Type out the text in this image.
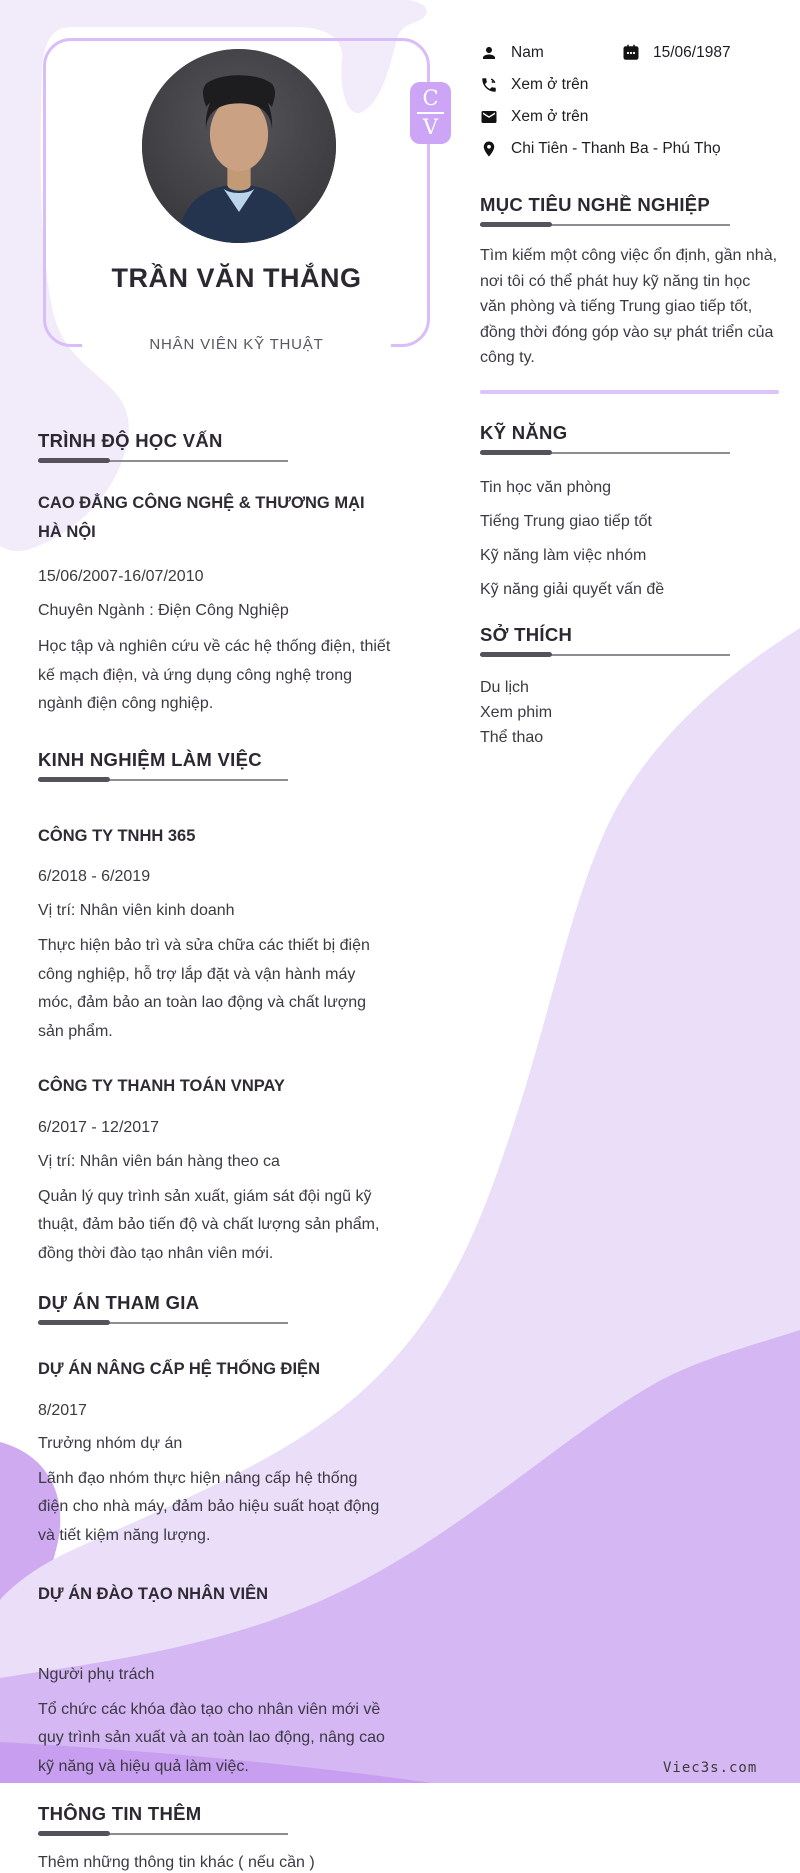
TRẦN VĂN THẮNG
NHÂN VIÊN KỸ THUẬT
C
V
Nam	15/06/1987
Xem ở trên
Xem ở trên
Chi Tiên - Thanh Ba - Phú Thọ
MỤC TIÊU NGHỀ NGHIỆP

Tìm kiếm một công việc ổn định, gần nhà, nơi tôi có thể phát huy kỹ năng tin học văn phòng và tiếng Trung giao tiếp tốt, đồng thời đóng góp vào sự phát triển của công ty.

KỸ NĂNG
Tin học văn phòng
Tiếng Trung giao tiếp tốt
Kỹ năng làm việc nhóm
Kỹ năng giải quyết vấn đề
SỞ THÍCH
Du lịch
Xem phim
Thể thao
TRÌNH ĐỘ HỌC VẤN
CAO ĐẲNG CÔNG NGHỆ & THƯƠNG MẠI HÀ NỘI
15/06/2007-16/07/2010
Chuyên Ngành : Điện Công Nghiệp

Học tập và nghiên cứu về các hệ thống điện, thiết kế mạch điện, và ứng dụng công nghệ trong ngành điện công nghiệp.

KINH NGHIỆM LÀM VIỆC
CÔNG TY TNHH 365
6/2018 - 6/2019
Vị trí: Nhân viên kinh doanh

Thực hiện bảo trì và sửa chữa các thiết bị điện công nghiệp, hỗ trợ lắp đặt và vận hành máy móc, đảm bảo an toàn lao động và chất lượng sản phẩm.

CÔNG TY THANH TOÁN VNPAY
6/2017 - 12/2017
Vị trí: Nhân viên bán hàng theo ca

Quản lý quy trình sản xuất, giám sát đội ngũ kỹ thuật, đảm bảo tiến độ và chất lượng sản phẩm, đồng thời đào tạo nhân viên mới.

DỰ ÁN THAM GIA
DỰ ÁN NÂNG CẤP HỆ THỐNG ĐIỆN
8/2017
Trưởng nhóm dự án

Lãnh đạo nhóm thực hiện nâng cấp hệ thống điện cho nhà máy, đảm bảo hiệu suất hoạt động và tiết kiệm năng lượng.

DỰ ÁN ĐÀO TẠO NHÂN VIÊN
Người phụ trách

Tổ chức các khóa đào tạo cho nhân viên mới về quy trình sản xuất và an toàn lao động, nâng cao kỹ năng và hiệu quả làm việc.

THÔNG TIN THÊM
Thêm những thông tin khác ( nếu cần )
Viec3s.com
